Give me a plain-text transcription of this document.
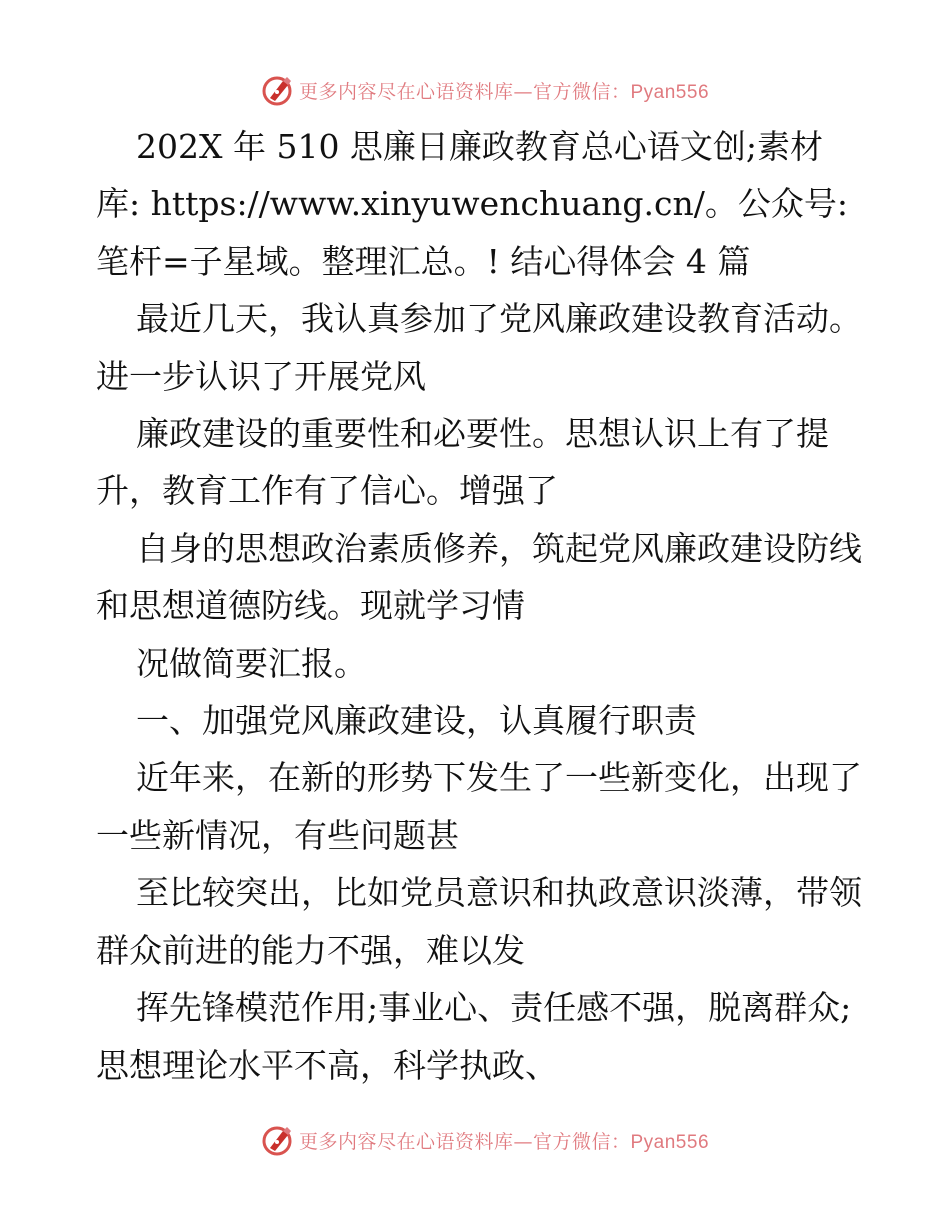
更多内容尽在心语资料库—官方微信：Pyan556

202X 年 510 思廉日廉政教育总心语文创;素材库: https://www.xinyuwenchuang.cn/。公众号:笔杆=子星域。整理汇总。! 结心得体会 4 篇

最近几天，我认真参加了党风廉政建设教育活动。进一步认识了开展党风

廉政建设的重要性和必要性。思想认识上有了提升，教育工作有了信心。增强了

自身的思想政治素质修养，筑起党风廉政建设防线和思想道德防线。现就学习情

况做简要汇报。

一、加强党风廉政建设，认真履行职责

近年来，在新的形势下发生了一些新变化，出现了一些新情况，有些问题甚

至比较突出，比如党员意识和执政意识淡薄，带领群众前进的能力不强，难以发

挥先锋模范作用;事业心、责任感不强，脱离群众;思想理论水平不高，科学执政、

更多内容尽在心语资料库—官方微信：Pyan556
